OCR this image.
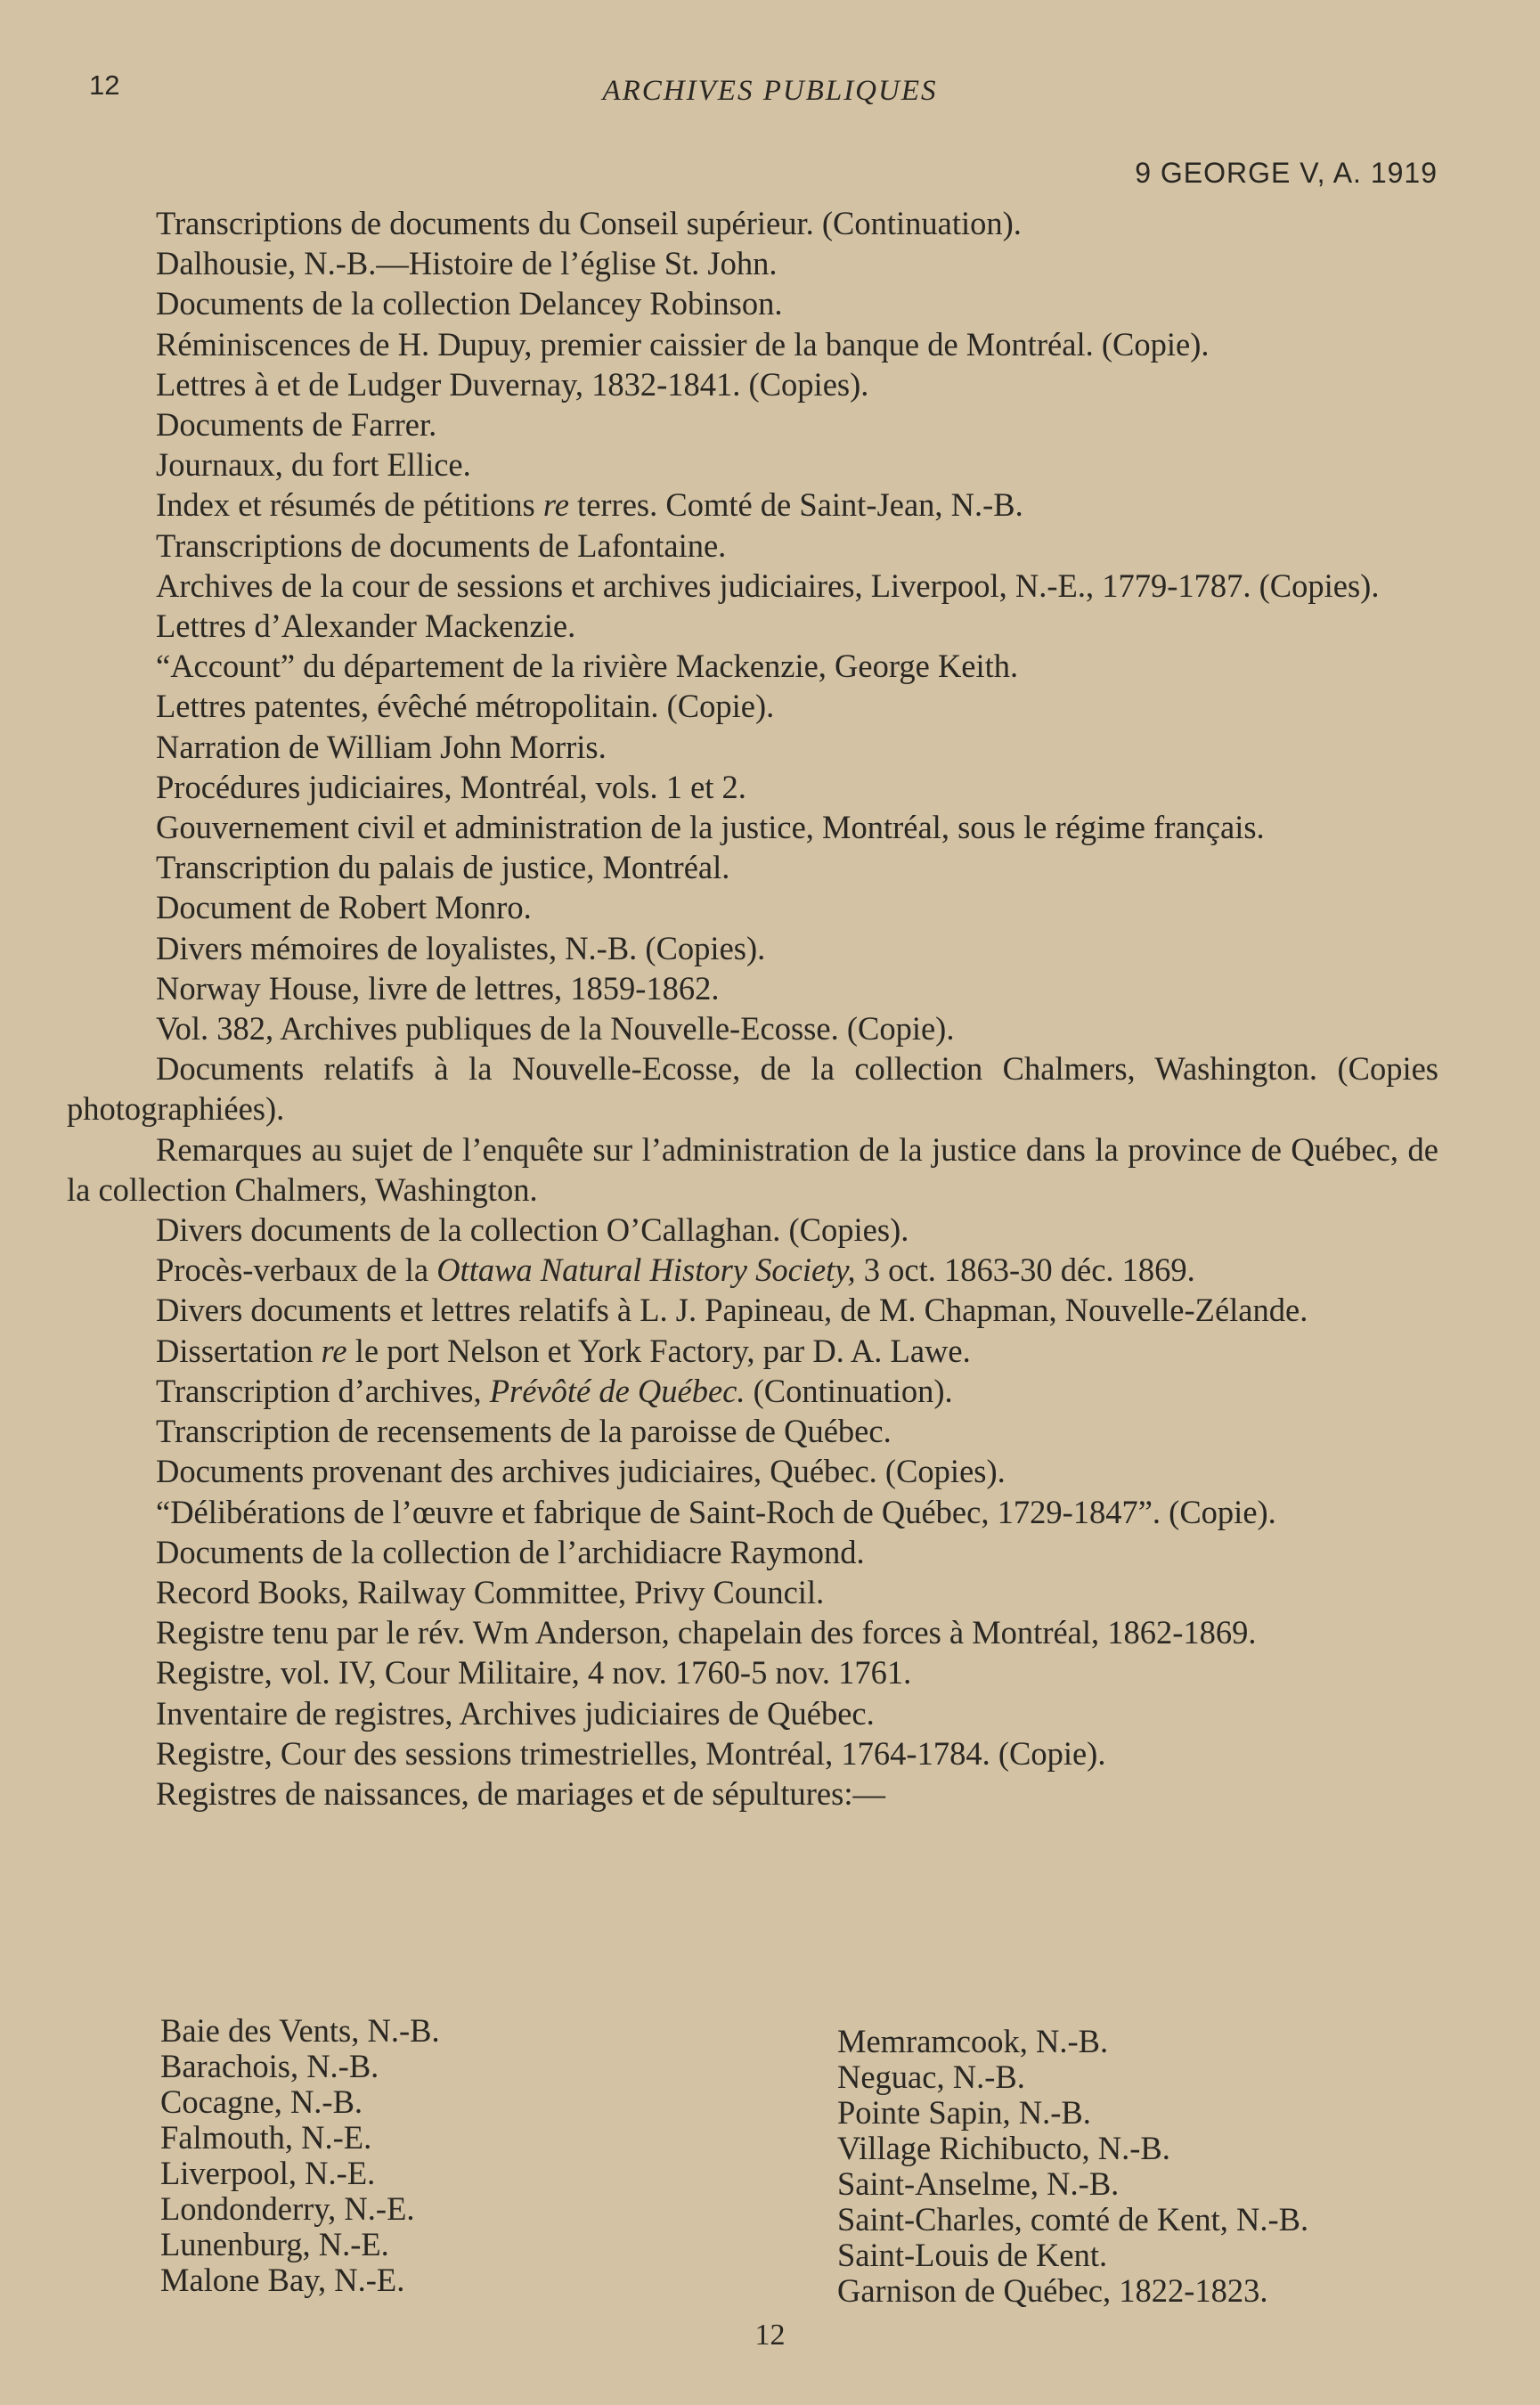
12	ARCHIVES PUBLIQUES
9 GEORGE V, A. 1919
Transcriptions de documents du Conseil supérieur. (Continuation).
Dalhousie, N.-B.—Histoire de l’église St. John.
Documents de la collection Delancey Robinson.
Réminiscences de H. Dupuy, premier caissier de la banque de Montréal. (Copie).
Lettres à et de Ludger Duvernay, 1832-1841. (Copies).
Documents de Farrer.
Journaux, du fort Ellice.
Index et résumés de pétitions re terres. Comté de Saint-Jean, N.-B.
Transcriptions de documents de Lafontaine.
Archives de la cour de sessions et archives judiciaires, Liverpool, N.-E., 1779-1787. (Copies).
Lettres d’Alexander Mackenzie.
“Account” du département de la rivière Mackenzie, George Keith.
Lettres patentes, évêché métropolitain. (Copie).
Narration de William John Morris.
Procédures judiciaires, Montréal, vols. 1 et 2.
Gouvernement civil et administration de la justice, Montréal, sous le régime français.
Transcription du palais de justice, Montréal.
Document de Robert Monro.
Divers mémoires de loyalistes, N.-B. (Copies).
Norway House, livre de lettres, 1859-1862.
Vol. 382, Archives publiques de la Nouvelle-Ecosse. (Copie).
Documents relatifs à la Nouvelle-Ecosse, de la collection Chalmers, Washington. (Copies photographiées).
Remarques au sujet de l’enquête sur l’administration de la justice dans la province de Québec, de la collection Chalmers, Washington.
Divers documents de la collection O’Callaghan. (Copies).
Procès-verbaux de la Ottawa Natural History Society, 3 oct. 1863-30 déc. 1869.
Divers documents et lettres relatifs à L. J. Papineau, de M. Chapman, Nouvelle-Zélande.
Dissertation re le port Nelson et York Factory, par D. A. Lawe.
Transcription d’archives, Prévôté de Québec. (Continuation).
Transcription de recensements de la paroisse de Québec.
Documents provenant des archives judiciaires, Québec. (Copies).
“Délibérations de l’œuvre et fabrique de Saint-Roch de Québec, 1729-1847”. (Copie).
Documents de la collection de l’archidiacre Raymond.
Record Books, Railway Committee, Privy Council.
Registre tenu par le rév. Wm Anderson, chapelain des forces à Montréal, 1862-1869.
Registre, vol. IV, Cour Militaire, 4 nov. 1760-5 nov. 1761.
Inventaire de registres, Archives judiciaires de Québec.
Registre, Cour des sessions trimestrielles, Montréal, 1764-1784. (Copie).
Registres de naissances, de mariages et de sépultures:—
Baie des Vents, N.-B.
Barachois, N.-B.
Cocagne, N.-B.
Falmouth, N.-E.
Liverpool, N.-E.
Londonderry, N.-E.
Lunenburg, N.-E.
Malone Bay, N.-E.
Memramcook, N.-B.
Neguac, N.-B.
Pointe Sapin, N.-B.
Village Richibucto, N.-B.
Saint-Anselme, N.-B.
Saint-Charles, comté de Kent, N.-B.
Saint-Louis de Kent.
Garnison de Québec, 1822-1823.
12
